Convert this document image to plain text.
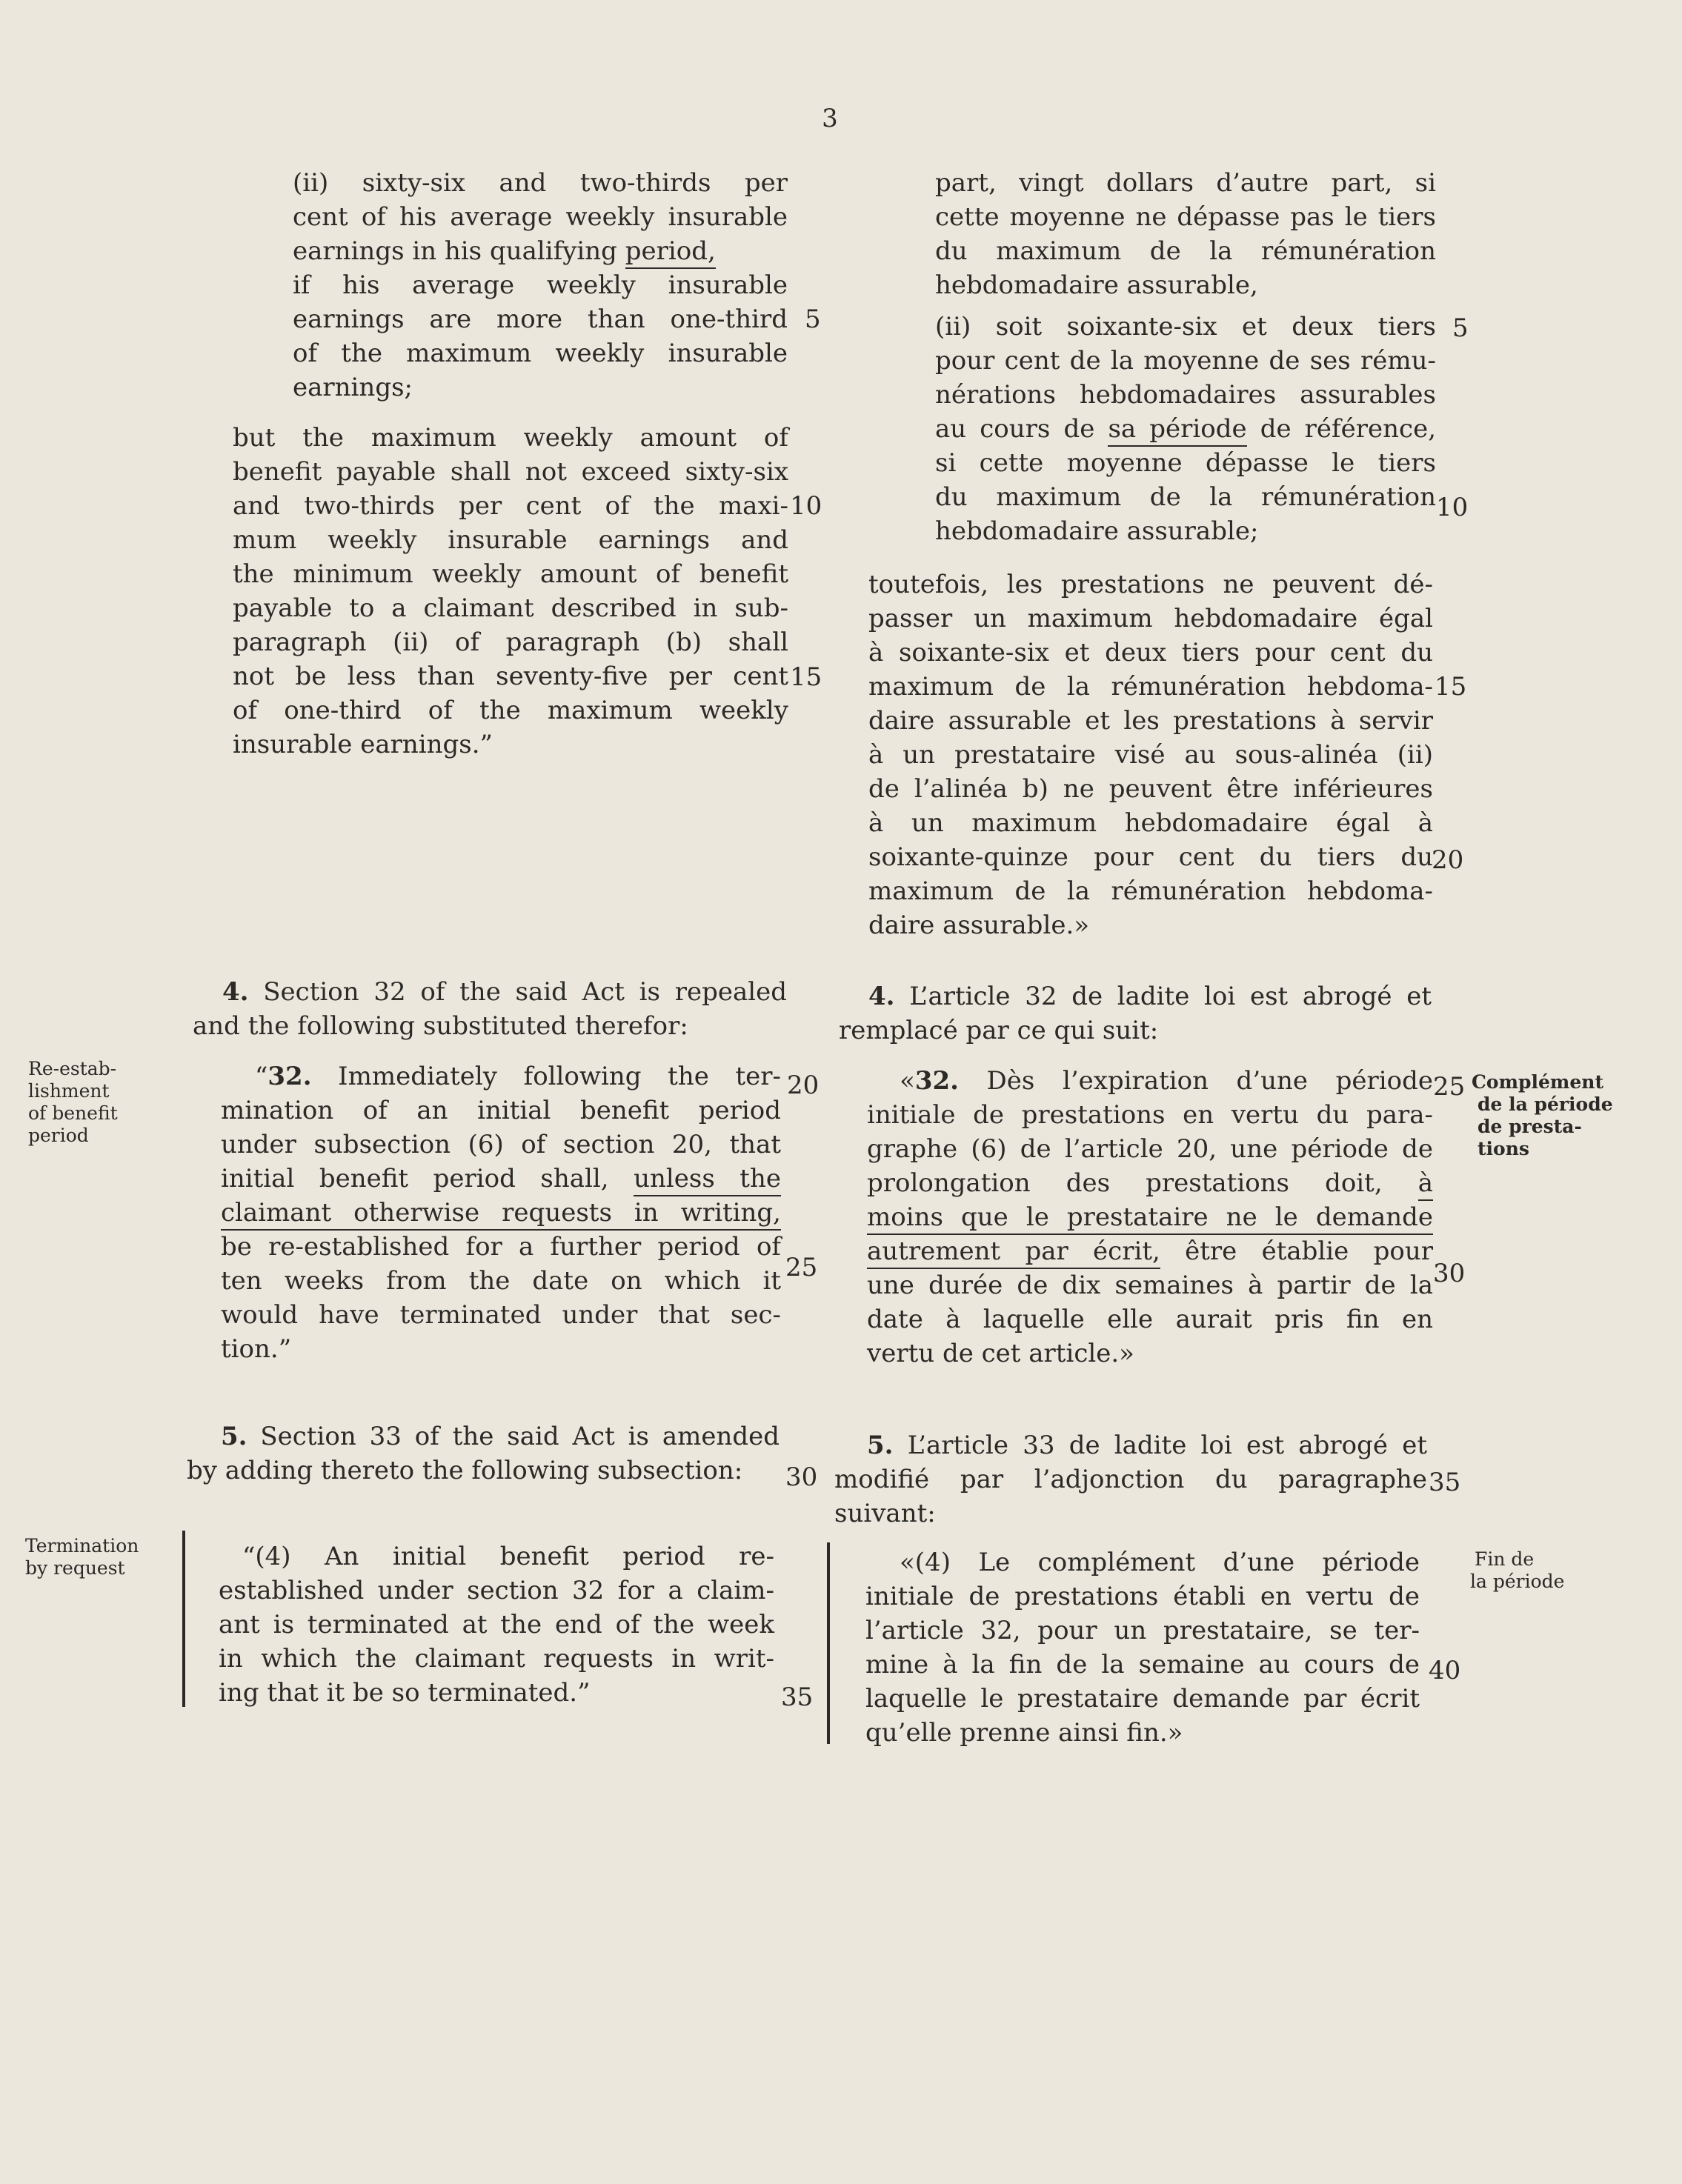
3
(ii) sixty-six and two-thirds per
cent of his average weekly insurable
earnings in his qualifying period,
if his average weekly insurable
earnings are more than one-third
of the maximum weekly insurable
earnings;
but the maximum weekly amount of
benefit payable shall not exceed sixty-six
and two-thirds per cent of the maxi-
mum weekly insurable earnings and
the minimum weekly amount of benefit
payable to a claimant described in sub-
paragraph (ii) of paragraph (b) shall
not be less than seventy-five per cent
of one-third of the maximum weekly
insurable earnings.”
4. Section 32 of the said Act is repealed
and the following substituted therefor:
“32. Immediately following the ter-
mination of an initial benefit period
under subsection (6) of section 20, that
initial benefit period shall, unless the
claimant otherwise requests in writing,
be re-established for a further period of
ten weeks from the date on which it
would have terminated under that sec-
tion.”
5. Section 33 of the said Act is amended
by adding thereto the following subsection:
“(4) An initial benefit period re-
established under section 32 for a claim-
ant is terminated at the end of the week
in which the claimant requests in writ-
ing that it be so terminated.”
5
10
15
20
25
30
35
Re-estab-
lishment
of benefit
period
Termination
by request
part, vingt dollars d’autre part, si
cette moyenne ne dépasse pas le tiers
du maximum de la rémunération
hebdomadaire assurable,
(ii) soit soixante-six et deux tiers
pour cent de la moyenne de ses rému-
nérations hebdomadaires assurables
au cours de sa période de référence,
si cette moyenne dépasse le tiers
du maximum de la rémunération
hebdomadaire assurable;
toutefois, les prestations ne peuvent dé-
passer un maximum hebdomadaire égal
à soixante-six et deux tiers pour cent du
maximum de la rémunération hebdoma-
daire assurable et les prestations à servir
à un prestataire visé au sous-alinéa (ii)
de l’alinéa b) ne peuvent être inférieures
à un maximum hebdomadaire égal à
soixante-quinze pour cent du tiers du
maximum de la rémunération hebdoma-
daire assurable.»
4. L’article 32 de ladite loi est abrogé et
remplacé par ce qui suit:
«32. Dès l’expiration d’une période
initiale de prestations en vertu du para-
graphe (6) de l’article 20, une période de
prolongation des prestations doit, à
moins que le prestataire ne le demande
autrement par écrit, être établie pour
une durée de dix semaines à partir de la
date à laquelle elle aurait pris fin en
vertu de cet article.»
5. L’article 33 de ladite loi est abrogé et
modifié par l’adjonction du paragraphe
suivant:
«(4) Le complément d’une période
initiale de prestations établi en vertu de
l’article 32, pour un prestataire, se ter-
mine à la fin de la semaine au cours de
laquelle le prestataire demande par écrit
qu’elle prenne ainsi fin.»
5
10
15
20
25
30
35
40
Complément
de la période
de presta-
tions
Fin de
la période
